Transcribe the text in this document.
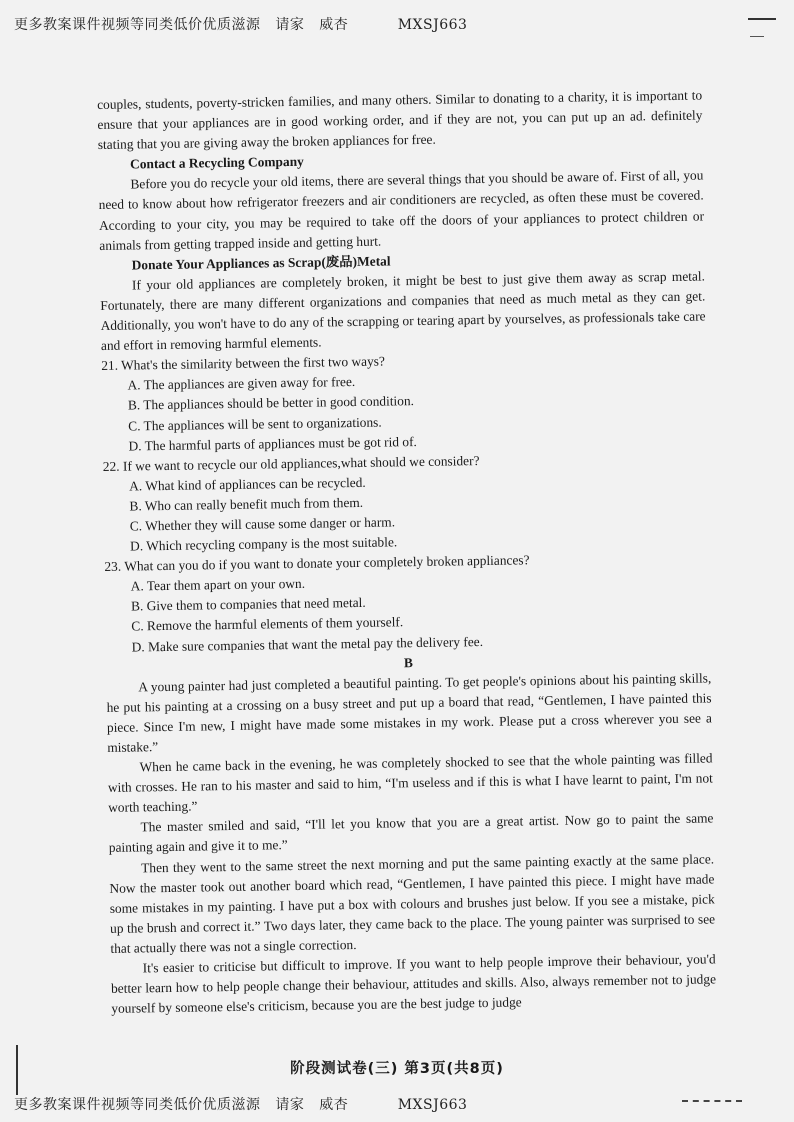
更多教案课件视频等同类低价优质滋源   请家   威杏          MXSJ663

couples, students, poverty-stricken families, and many others. Similar to donating to a charity, it is important to ensure that your appliances are in good working order, and if they are not, you can put up an ad. definitely stating that you are giving away the broken appliances for free.

Contact a Recycling Company

Before you do recycle your old items, there are several things that you should be aware of. First of all, you need to know about how refrigerator freezers and air conditioners are recycled, as often these must be covered. According to your city, you may be required to take off the doors of your appliances to protect children or animals from getting trapped inside and getting hurt.

Donate Your Appliances as Scrap(废品)Metal

If your old appliances are completely broken, it might be best to just give them away as scrap metal. Fortunately, there are many different organizations and companies that need as much metal as they can get. Additionally, you won't have to do any of the scrapping or tearing apart by yourselves, as professionals take care and effort in removing harmful elements.

21. What's the similarity between the first two ways?

A. The appliances are given away for free.

B. The appliances should be better in good condition.

C. The appliances will be sent to organizations.

D. The harmful parts of appliances must be got rid of.

22. If we want to recycle our old appliances,what should we consider?

A. What kind of appliances can be recycled.

B. Who can really benefit much from them.

C. Whether they will cause some danger or harm.

D. Which recycling company is the most suitable.

23. What can you do if you want to donate your completely broken appliances?

A. Tear them apart on your own.

B. Give them to companies that need metal.

C. Remove the harmful elements of them yourself.

D. Make sure companies that want the metal pay the delivery fee.

B

A young painter had just completed a beautiful painting. To get people's opinions about his painting skills, he put his painting at a crossing on a busy street and put up a board that read, “Gentlemen, I have painted this piece. Since I'm new, I might have made some mistakes in my work. Please put a cross wherever you see a mistake.”

When he came back in the evening, he was completely shocked to see that the whole painting was filled with crosses. He ran to his master and said to him, “I'm useless and if this is what I have learnt to paint, I'm not worth teaching.”

The master smiled and said, “I'll let you know that you are a great artist. Now go to paint the same painting again and give it to me.”

Then they went to the same street the next morning and put the same painting exactly at the same place. Now the master took out another board which read, “Gentlemen, I have painted this piece. I might have made some mistakes in my painting. I have put a box with colours and brushes just below. If you see a mistake, pick up the brush and correct it.” Two days later, they came back to the place. The young painter was surprised to see that actually there was not a single correction.

It's easier to criticise but difficult to improve. If you want to help people improve their behaviour, you'd better learn how to help people change their behaviour, attitudes and skills. Also, always remember not to judge yourself by someone else's criticism, because you are the best judge to judge

阶段测试卷(三) 第3页(共8页)
更多教案课件视频等同类低价优质滋源   请家   威杏          MXSJ663
